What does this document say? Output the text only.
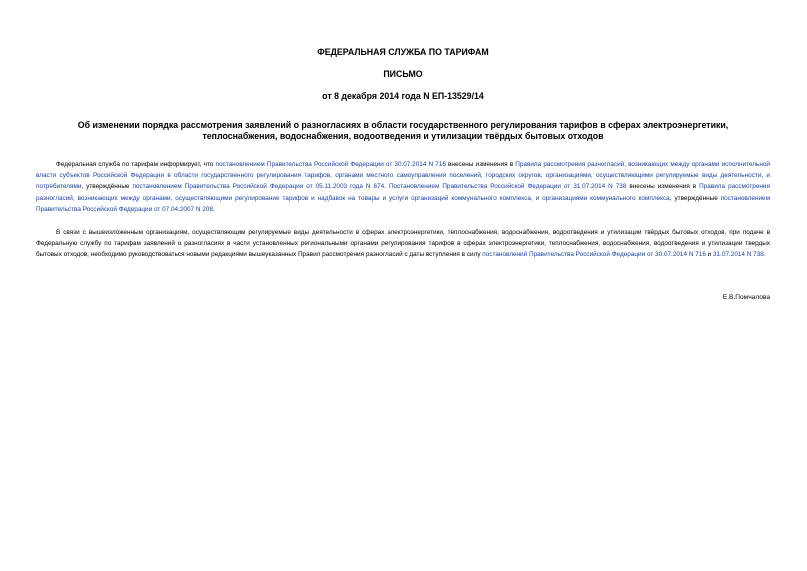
ФЕДЕРАЛЬНАЯ СЛУЖБА ПО ТАРИФАМ

ПИСЬМО

от 8 декабря 2014 года N ЕП-13529/14

Об изменении порядка рассмотрения заявлений о разногласиях в области государственного регулирования тарифов в сферах электроэнергетики,

теплоснабжения, водоснабжения, водоотведения и утилизации твёрдых бытовых отходов

Федеральная служба по тарифам информирует, что постановлением Правительства Российской Федерации от 30.07.2014 N 716 внесены изменения в Правила рассмотрения разногласий, возникающих между органами исполнительной власти субъектов Российской Федерации в области государственного регулирования тарифов, органами местного самоуправления поселений, городских округов, организациями, осуществляющими регулируемые виды деятельности, и потребителями, утверждённые постановлением Правительства Российской Федерации от 05.11.2003 года N 674. Постановлением Правительства Российской Федерации от 31.07.2014 N 738 внесены изменения в Правила рассмотрения разногласий, возникающих между органами, осуществляющими регулирование тарифов и надбавок на товары и услуги организаций коммунального комплекса, и организациями коммунального комплекса, утверждённые постановлением Правительства Российской Федерации от 07.04.2007 N 208.

В связи с вышеизложенным организациям, осуществляющим регулируемые виды деятельности в сферах электроэнергетики, теплоснабжения, водоснабжения, водоотведения и утилизации твёрдых бытовых отходов, при подаче в Федеральную службу по тарифам заявлений о разногласиях в части установленных региональными органами регулирования тарифов в сферах электроэнергетики, теплоснабжения, водоснабжения, водоотведения и утилизации твердых бытовых отходов, необходимо руководствоваться новыми редакциями вышеуказанных Правил рассмотрения разногласий с даты вступления в силу постановлений Правительства Российской Федерации от 30.07.2014 N 716 и 31.07.2014 N 738.

Е.В.Помчалова
